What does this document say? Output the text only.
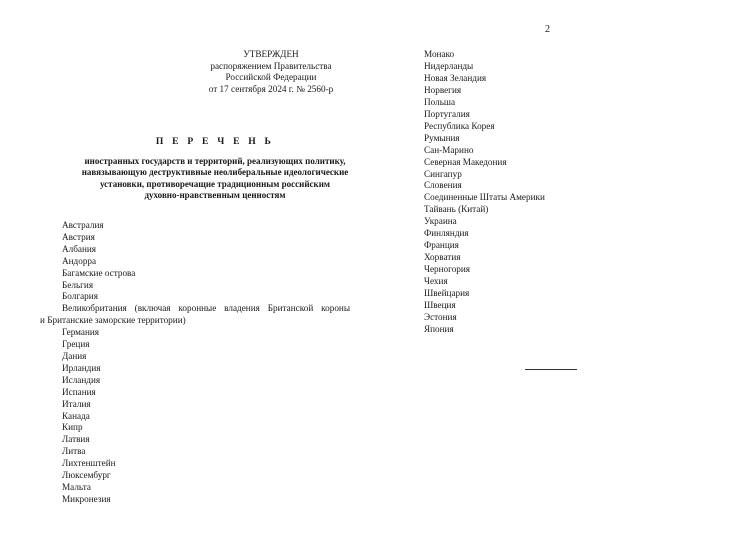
2
УТВЕРЖДЕН
распоряжением Правительства
Российской Федерации
от 17 сентября 2024 г. № 2560-р
П Е Р Е Ч Е Н Ь
иностранных государств и территорий, реализующих политику,
навязывающую деструктивные неолиберальные идеологические
установки, противоречащие традиционным российским
духовно-нравственным ценностям
Австралия
Австрия
Албания
Андорра
Багамские острова
Бельгия
Болгария
Великобритания (включая коронные владения Британской короны
и Британские заморские территории)
Германия
Греция
Дания
Ирландия
Исландия
Испания
Италия
Канада
Кипр
Латвия
Литва
Лихтенштейн
Люксембург
Мальта
Микронезия
Монако
Нидерланды
Новая Зеландия
Норвегия
Польша
Португалия
Республика Корея
Румыния
Сан-Марино
Северная Македония
Сингапур
Словения
Соединенные Штаты Америки
Тайвань (Китай)
Украина
Финляндия
Франция
Хорватия
Черногория
Чехия
Швейцария
Швеция
Эстония
Япония
